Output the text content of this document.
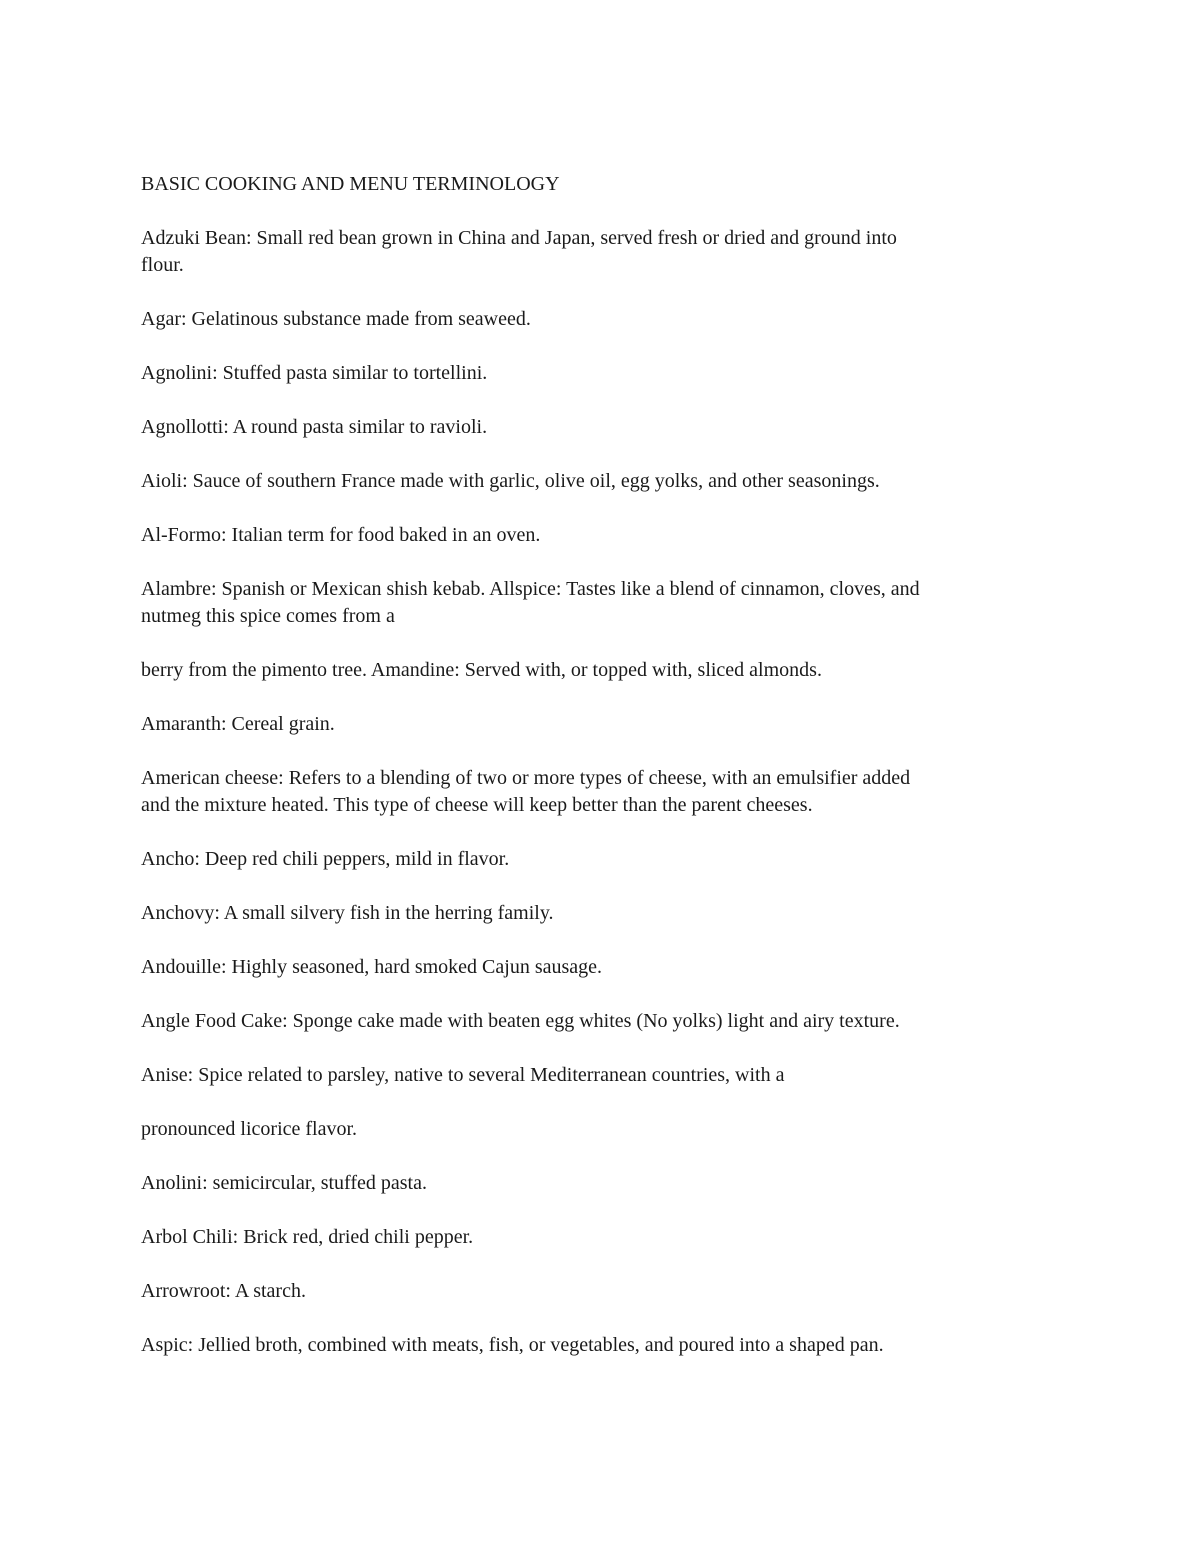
BASIC COOKING AND MENU TERMINOLOGY

Adzuki Bean: Small red bean grown in China and Japan, served fresh or dried and ground into
flour.

Agar: Gelatinous substance made from seaweed.

Agnolini: Stuffed pasta similar to tortellini.

Agnollotti: A round pasta similar to ravioli.

Aioli: Sauce of southern France made with garlic, olive oil, egg yolks, and other seasonings.

Al-Formo: Italian term for food baked in an oven.

Alambre: Spanish or Mexican shish kebab. Allspice: Tastes like a blend of cinnamon, cloves, and
nutmeg this spice comes from a

berry from the pimento tree. Amandine: Served with, or topped with, sliced almonds.

Amaranth: Cereal grain.

American cheese: Refers to a blending of two or more types of cheese, with an emulsifier added
and the mixture heated. This type of cheese will keep better than the parent cheeses.

Ancho: Deep red chili peppers, mild in flavor.

Anchovy: A small silvery fish in the herring family.

Andouille: Highly seasoned, hard smoked Cajun sausage.

Angle Food Cake: Sponge cake made with beaten egg whites (No yolks) light and airy texture.

Anise: Spice related to parsley, native to several Mediterranean countries, with a

pronounced licorice flavor.

Anolini: semicircular, stuffed pasta.

Arbol Chili: Brick red, dried chili pepper.

Arrowroot: A starch.

Aspic: Jellied broth, combined with meats, fish, or vegetables, and poured into a shaped pan.
